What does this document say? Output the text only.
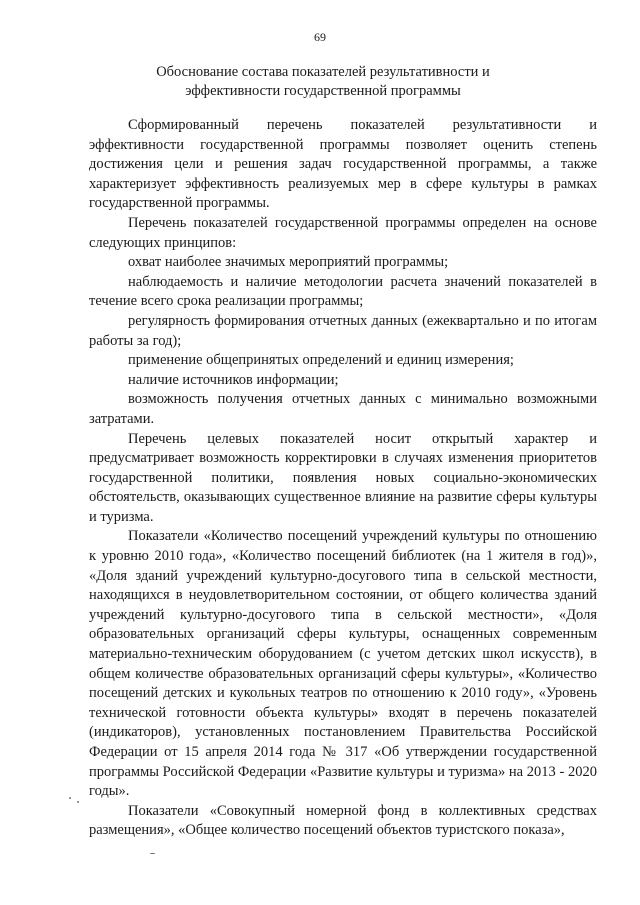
69
Обоснование состава показателей результативности и
эффективности государственной программы

Сформированный перечень показателей результативности и эффективности государственной программы позволяет оценить степень достижения цели и решения задач государственной программы, а также характеризует эффективность реализуемых мер в сфере культуры в рамках государственной программы.

Перечень показателей государственной программы определен на основе следующих принципов:

охват наиболее значимых мероприятий программы;

наблюдаемость и наличие методологии расчета значений показателей в течение всего срока реализации программы;

регулярность формирования отчетных данных (ежеквартально и по итогам работы за год);

применение общепринятых определений и единиц измерения;

наличие источников информации;

возможность получения отчетных данных с минимально возможными затратами.

Перечень целевых показателей носит открытый характер и предусматривает возможность корректировки в случаях изменения приоритетов государственной политики, появления новых социально-экономических обстоятельств, оказывающих существенное влияние на развитие сферы культуры и туризма.

Показатели «Количество посещений учреждений культуры по отношению к уровню 2010 года», «Количество посещений библиотек (на 1 жителя в год)», «Доля зданий учреждений культурно-досугового типа в сельской местности, находящихся в неудовлетворительном состоянии, от общего количества зданий учреждений культурно-досугового типа в сельской местности», «Доля образовательных организаций сферы культуры, оснащенных современным материально-техническим оборудованием (с учетом детских школ искусств), в общем количестве образовательных организаций сферы культуры», «Количество посещений детских и кукольных театров по отношению к 2010 году», «Уровень технической готовности объекта культуры» входят в перечень показателей (индикаторов), установленных постановлением Правительства Российской Федерации от 15 апреля 2014 года № 317 «Об утверждении государственной программы Российской Федерации «Развитие культуры и туризма» на 2013 - 2020 годы».

Показатели «Совокупный номерной фонд в коллективных средствах размещения», «Общее количество посещений объектов туристского показа»,
